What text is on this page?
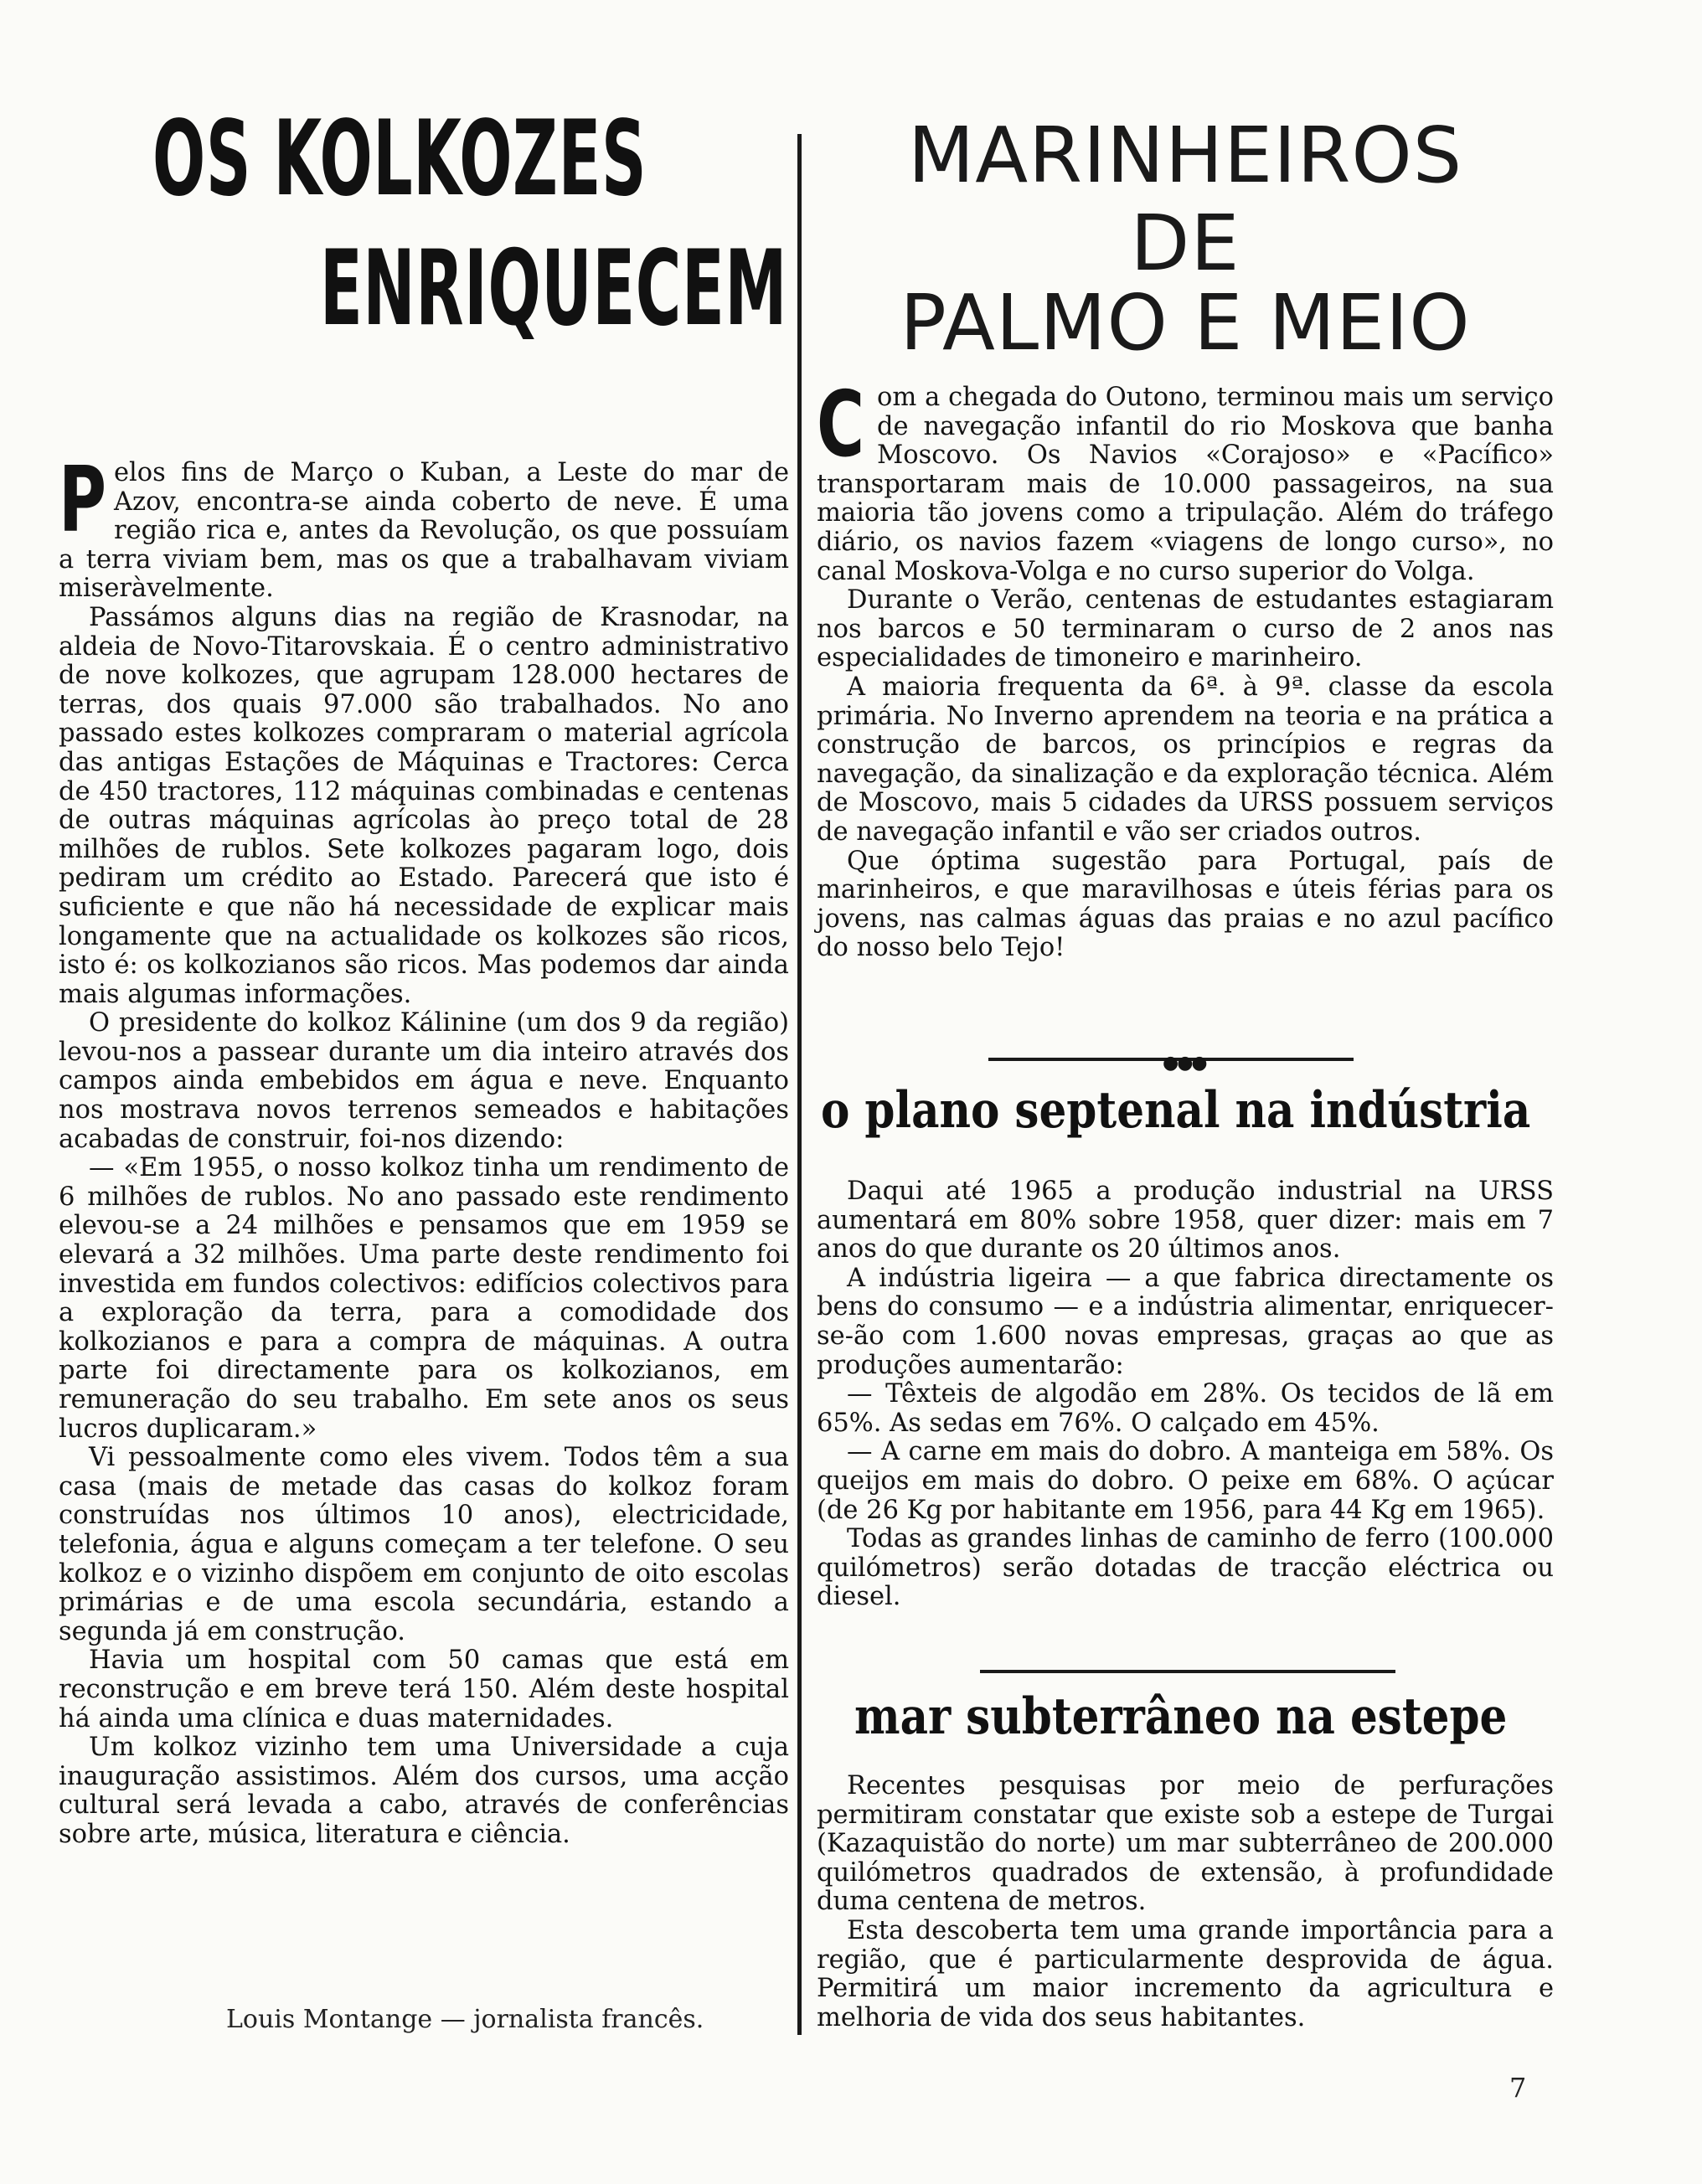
OS KOLKOZES
ENRIQUECEM

Pelos fins de Março o Kuban, a Leste do mar de Azov, encontra-se ainda coberto de neve. É uma região rica e, antes da Revolução, os que possuíam a terra viviam bem, mas os que a trabalhavam viviam miseràvelmente.

Passámos alguns dias na região de Krasnodar, na aldeia de Novo-Titarovskaia. É o centro administrativo de nove kolkozes, que agrupam 128.000 hectares de terras, dos quais 97.000 são trabalhados. No ano passado estes kolkozes compraram o material agrícola das antigas Estações de Máquinas e Tractores: Cerca de 450 tractores, 112 máquinas combinadas e centenas de outras máquinas agrícolas ào preço total de 28 milhões de rublos. Sete kolkozes pagaram logo, dois pediram um crédito ao Estado. Parecerá que isto é suficiente e que não há necessidade de explicar mais longamente que na actualidade os kolkozes são ricos, isto é: os kolkozianos são ricos. Mas podemos dar ainda mais algumas informações.

O presidente do kolkoz Kálinine (um dos 9 da região) levou-nos a passear durante um dia inteiro através dos campos ainda embebidos em água e neve. Enquanto nos mostrava novos terrenos semeados e habitações acabadas de construir, foi-nos dizendo:

— «Em 1955, o nosso kolkoz tinha um rendimento de 6 milhões de rublos. No ano passado este rendimento elevou-se a 24 milhões e pensamos que em 1959 se elevará a 32 milhões. Uma parte deste rendimento foi investida em fundos colectivos: edifícios colectivos para a exploração da terra, para a comodidade dos kolkozianos e para a compra de máquinas. A outra parte foi directamente para os kolkozianos, em remuneração do seu trabalho. Em sete anos os seus lucros duplicaram.»

Vi pessoalmente como eles vivem. Todos têm a sua casa (mais de metade das casas do kolkoz foram construídas nos últimos 10 anos), electricidade, telefonia, água e alguns começam a ter telefone. O seu kolkoz e o vizinho dispõem em conjunto de oito escolas primárias e de uma escola secundária, estando a segunda já em construção.

Havia um hospital com 50 camas que está em reconstrução e em breve terá 150. Além deste hospital há ainda uma clínica e duas maternidades.

Um kolkoz vizinho tem uma Universidade a cuja inauguração assistimos. Além dos cursos, uma acção cultural será levada a cabo, através de conferências sobre arte, música, literatura e ciência.

Louis Montange — jornalista francês.
MARINHEIROS
DE
PALMO E MEIO

Com a chegada do Outono, terminou mais um serviço de navegação infantil do rio Moskova que banha Moscovo. Os Navios «Corajoso» e «Pacífico» transportaram mais de 10.000 passageiros, na sua maioria tão jovens como a tripulação. Além do tráfego diário, os navios fazem «viagens de longo curso», no canal Moskova-Volga e no curso superior do Volga.

Durante o Verão, centenas de estudantes estagiaram nos barcos e 50 terminaram o curso de 2 anos nas especialidades de timoneiro e marinheiro.

A maioria frequenta da 6ª. à 9ª. classe da escola primária. No Inverno aprendem na teoria e na prática a construção de barcos, os princípios e regras da navegação, da sinalização e da exploração técnica. Além de Moscovo, mais 5 cidades da URSS possuem serviços de navegação infantil e vão ser criados outros.

Que óptima sugestão para Portugal, país de marinheiros, e que maravilhosas e úteis férias para os jovens, nas calmas águas das praias e no azul pacífico do nosso belo Tejo!

●●●
o plano septenal na indústria

Daqui até 1965 a produção industrial na URSS aumentará em 80% sobre 1958, quer dizer: mais em 7 anos do que durante os 20 últimos anos.

A indústria ligeira — a que fabrica directamente os bens do consumo — e a indústria alimentar, enriquecer-se-ão com 1.600 novas empresas, graças ao que as produções aumentarão:

— Têxteis de algodão em 28%. Os tecidos de lã em 65%. As sedas em 76%. O calçado em 45%.

— A carne em mais do dobro. A manteiga em 58%. Os queijos em mais do dobro. O peixe em 68%. O açúcar (de 26 Kg por habitante em 1956, para 44 Kg em 1965).

Todas as grandes linhas de caminho de ferro (100.000 quilómetros) serão dotadas de tracção eléctrica ou diesel.

mar subterrâneo na estepe

Recentes pesquisas por meio de perfurações permitiram constatar que existe sob a estepe de Turgai (Kazaquistão do norte) um mar subterrâneo de 200.000 quilómetros quadrados de extensão, à profundidade duma centena de metros.

Esta descoberta tem uma grande importância para a região, que é particularmente desprovida de água. Permitirá um maior incremento da agricultura e melhoria de vida dos seus habitantes.

7
